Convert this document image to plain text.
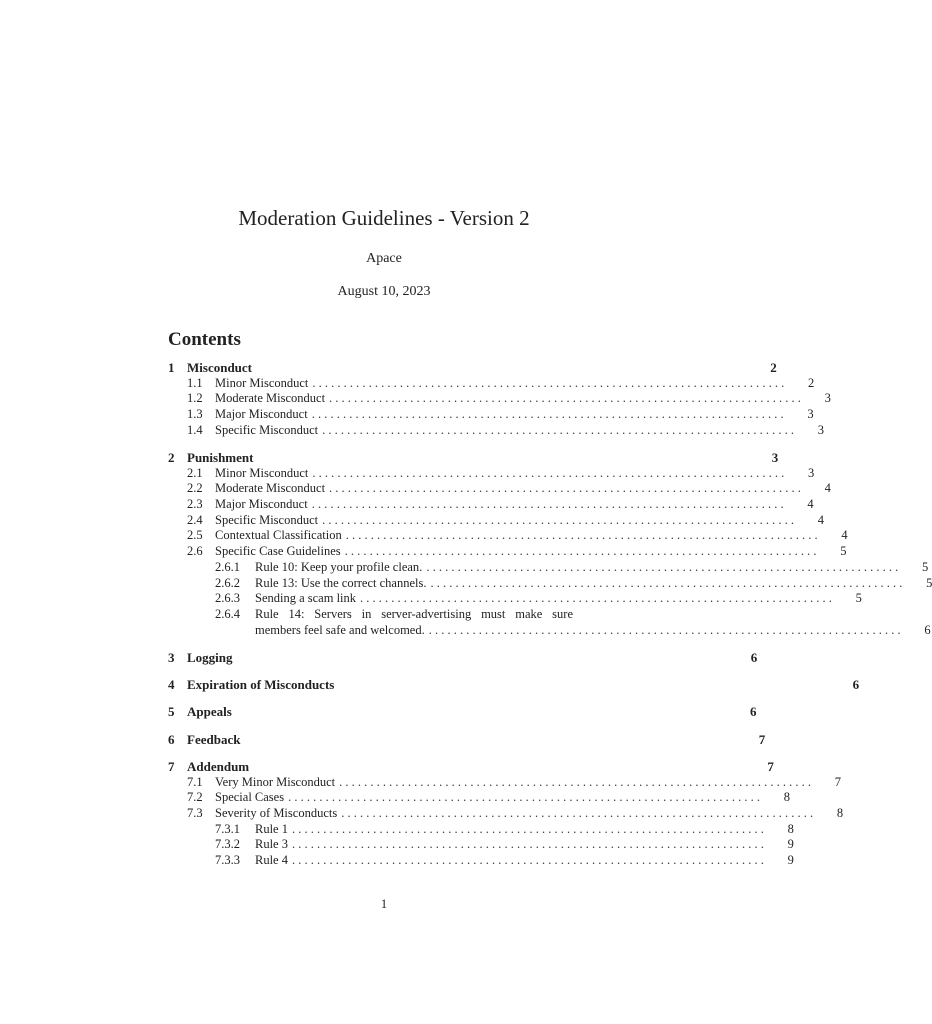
Moderation Guidelines - Version 2
Apace
August 10, 2023
Contents
1 Misconduct	2
1.1 Minor Misconduct . . .	2
1.2 Moderate Misconduct . . .	3
1.3 Major Misconduct . . .	3
1.4 Specific Misconduct . . .	3
2 Punishment	3
2.1 Minor Misconduct . . .	3
2.2 Moderate Misconduct . . .	4
2.3 Major Misconduct . . .	4
2.4 Specific Misconduct . . .	4
2.5 Contextual Classification . . .	4
2.6 Specific Case Guidelines . . .	5
2.6.1	Rule 10: Keep your profile clean. . . .	5
2.6.2	Rule 13: Use the correct channels. . . .	5
2.6.3	Sending a scam link . . .	5
2.6.4	Rule 14: Servers in server-advertising must make sure
members feel safe and welcomed. . . .	6
3 Logging	6
4 Expiration of Misconducts	6
5 Appeals	6
6 Feedback	7
7 Addendum	7
7.1 Very Minor Misconduct . . .	7
7.2 Special Cases . . .	8
7.3 Severity of Misconducts . . .	8
7.3.1	Rule 1 . . .	8
7.3.2	Rule 3 . . .	9
7.3.3	Rule 4 . . .	9
1
